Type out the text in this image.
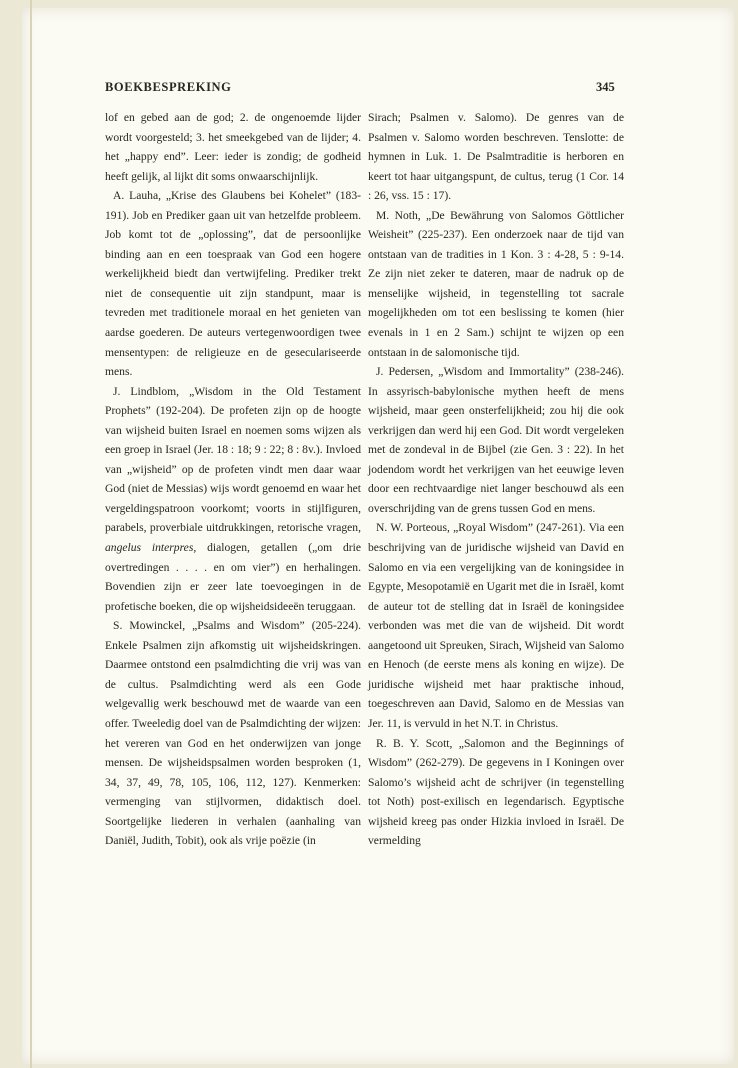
BOEKBESPREKING	345

lof en gebed aan de god; 2. de ongenoemde lijder wordt voorgesteld; 3. het smeekgebed van de lijder; 4. het „happy end”. Leer: ieder is zondig; de godheid heeft gelijk, al lijkt dit soms onwaarschijnlijk.

A. Lauha, „Krise des Glaubens bei Kohelet” (183-191). Job en Prediker gaan uit van hetzelfde probleem. Job komt tot de „oplossing”, dat de persoonlijke binding aan en een toespraak van God een hogere werkelijkheid biedt dan vertwijfeling. Prediker trekt niet de consequentie uit zijn standpunt, maar is tevreden met traditionele moraal en het genieten van aardse goederen. De auteurs vertegenwoordigen twee mensentypen: de religieuze en de geseculariseerde mens.

J. Lindblom, „Wisdom in the Old Testament Prophets” (192-204). De profeten zijn op de hoogte van wijsheid buiten Israel en noemen soms wijzen als een groep in Israel (Jer. 18 : 18; 9 : 22; 8 : 8v.). Invloed van „wijsheid” op de profeten vindt men daar waar God (niet de Messias) wijs wordt genoemd en waar het vergeldingspatroon voorkomt; voorts in stijlfiguren, parabels, proverbiale uitdrukkingen, retorische vragen, angelus interpres, dialogen, getallen („om drie overtredingen . . . . en om vier”) en herhalingen. Bovendien zijn er zeer late toevoegingen in de profetische boeken, die op wijsheidsideeën teruggaan.

S. Mowinckel, „Psalms and Wisdom” (205-224). Enkele Psalmen zijn afkomstig uit wijsheidskringen. Daarmee ontstond een psalmdichting die vrij was van de cultus. Psalmdichting werd als een Gode welgevallig werk beschouwd met de waarde van een offer. Tweeledig doel van de Psalmdichting der wijzen: het vereren van God en het onderwijzen van jonge mensen. De wijsheidspsalmen worden besproken (1, 34, 37, 49, 78, 105, 106, 112, 127). Kenmerken: vermenging van stijlvormen, didaktisch doel. Soortgelijke liederen in verhalen (aanhaling van Daniël, Judith, Tobit), ook als vrije poëzie (in

Sirach; Psalmen v. Salomo). De genres van de Psalmen v. Salomo worden beschreven. Tenslotte: de hymnen in Luk. 1. De Psalmtraditie is herboren en keert tot haar uitgangspunt, de cultus, terug (1 Cor. 14 : 26, vss. 15 : 17).

M. Noth, „De Bewährung von Salomos Göttlicher Weisheit” (225-237). Een onderzoek naar de tijd van ontstaan van de tradities in 1 Kon. 3 : 4-28, 5 : 9-14. Ze zijn niet zeker te dateren, maar de nadruk op de menselijke wijsheid, in tegenstelling tot sacrale mogelijkheden om tot een beslissing te komen (hier evenals in 1 en 2 Sam.) schijnt te wijzen op een ontstaan in de salomonische tijd.

J. Pedersen, „Wisdom and Immortality” (238-246). In assyrisch-babylonische mythen heeft de mens wijsheid, maar geen onsterfelijkheid; zou hij die ook verkrijgen dan werd hij een God. Dit wordt vergeleken met de zondeval in de Bijbel (zie Gen. 3 : 22). In het jodendom wordt het verkrijgen van het eeuwige leven door een rechtvaardige niet langer beschouwd als een overschrijding van de grens tussen God en mens.

N. W. Porteous, „Royal Wisdom” (247-261). Via een beschrijving van de juridische wijsheid van David en Salomo en via een vergelijking van de koningsidee in Egypte, Mesopotamië en Ugarit met die in Israël, komt de auteur tot de stelling dat in Israël de koningsidee verbonden was met die van de wijsheid. Dit wordt aangetoond uit Spreuken, Sirach, Wijsheid van Salomo en Henoch (de eerste mens als koning en wijze). De juridische wijsheid met haar praktische inhoud, toegeschreven aan David, Salomo en de Messias van Jer. 11, is vervuld in het N.T. in Christus.

R. B. Y. Scott, „Salomon and the Beginnings of Wisdom” (262-279). De gegevens in I Koningen over Salomo’s wijsheid acht de schrijver (in tegenstelling tot Noth) post-exilisch en legendarisch. Egyptische wijsheid kreeg pas onder Hizkia invloed in Israël. De vermelding
